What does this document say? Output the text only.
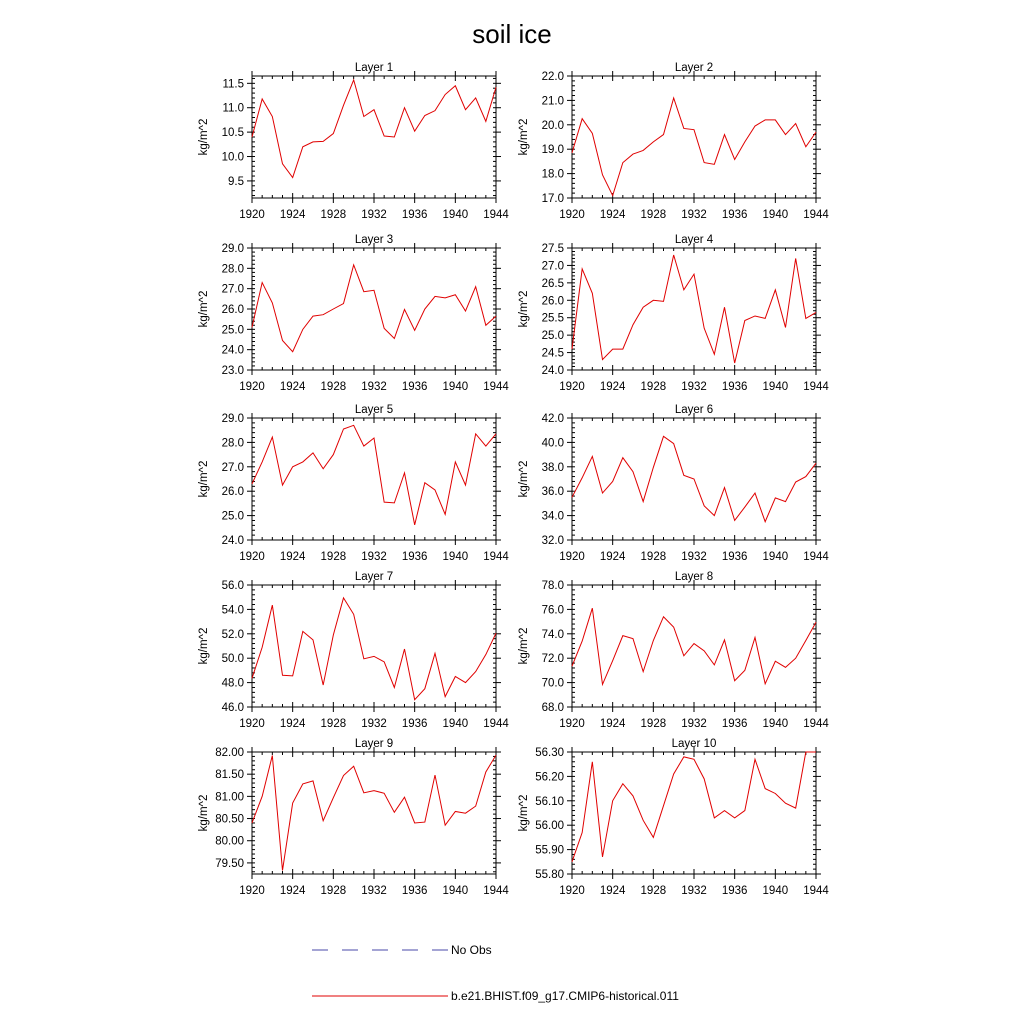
soil ice
Layer 1
kg/m^2
9.5
10.0
10.5
11.0
11.5
1920 1924 1928 1932 1936 1940 1944
Layer 2
kg/m^2
17.0
18.0
19.0
20.0
21.0
22.0
1920 1924 1928 1932 1936 1940 1944
Layer 3
kg/m^2
23.0
24.0
25.0
26.0
27.0
28.0
29.0
1920 1924 1928 1932 1936 1940 1944
Layer 4
kg/m^2
24.0
24.5
25.0
25.5
26.0
26.5
27.0
27.5
1920 1924 1928 1932 1936 1940 1944
Layer 5
kg/m^2
24.0
25.0
26.0
27.0
28.0
29.0
1920 1924 1928 1932 1936 1940 1944
Layer 6
kg/m^2
32.0
34.0
36.0
38.0
40.0
42.0
1920 1924 1928 1932 1936 1940 1944
Layer 7
kg/m^2
46.0
48.0
50.0
52.0
54.0
56.0
1920 1924 1928 1932 1936 1940 1944
Layer 8
kg/m^2
68.0
70.0
72.0
74.0
76.0
78.0
1920 1924 1928 1932 1936 1940 1944
Layer 9
kg/m^2
79.50
80.00
80.50
81.00
81.50
82.00
1920 1924 1928 1932 1936 1940 1944
Layer 10
kg/m^2
55.80
55.90
56.00
56.10
56.20
56.30
1920 1924 1928 1932 1936 1940 1944
No Obs
b.e21.BHIST.f09_g17.CMIP6-historical.011
